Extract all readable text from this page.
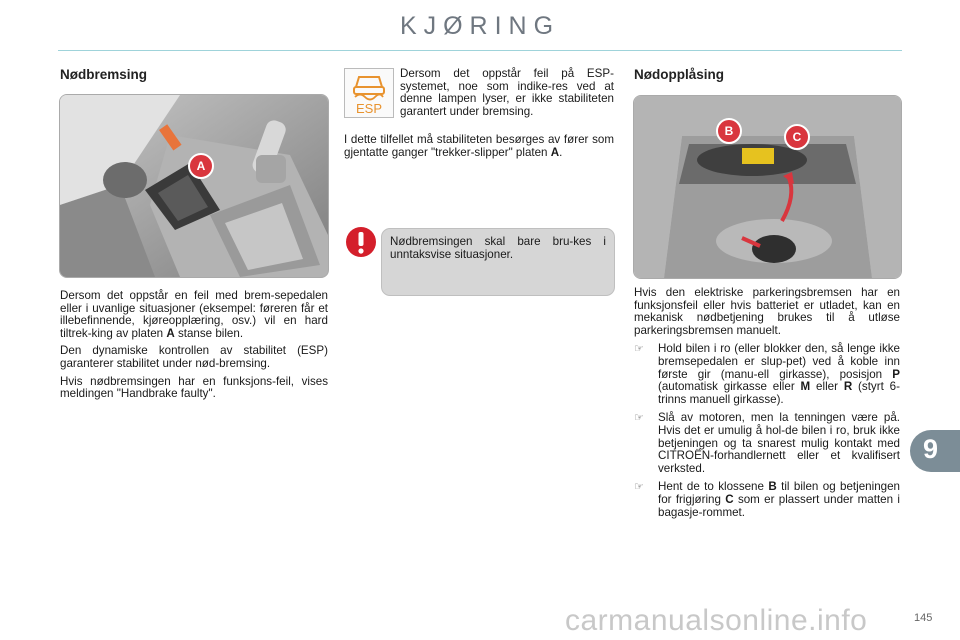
KJØRING
Nødbremsing
A

Dersom det oppstår en feil med brem-sepedalen eller i uvanlige situasjoner (eksempel: føreren får et illebefinnende, kjøreopplæring, osv.) vil en hard tiltrek-king av platen A stanse bilen.

Den dynamiske kontrollen av stabilitet (ESP) garanterer stabilitet under nød-bremsing.

Hvis nødbremsingen har en funksjons-feil, vises meldingen "Handbrake faulty".

ESP
Dersom det oppstår feil på ESP-systemet, noe som indike-res ved at denne lampen lyser, er ikke stabiliteten garantert under bremsing.

I dette tilfellet må stabiliteten besørges av fører som gjentatte ganger "trekker-slipper" platen A.

Nødbremsingen skal bare bru-kes i unntaksvise situasjoner.
Nødopplåsing
B	C

Hvis den elektriske parkeringsbremsen har en funksjonsfeil eller hvis batteriet er utladet, kan en mekanisk nødbetjening brukes til å utløse parkeringsbremsen manuelt.

☞ Hold bilen i ro (eller blokker den, så lenge ikke bremsepedalen er slup-pet) ved å koble inn første gir (manu-ell girkasse), posisjon P (automatisk girkasse eller M eller R (styrt 6-trinns manuell girkasse).
☞ Slå av motoren, men la tenningen være på. Hvis det er umulig å hol-de bilen i ro, bruk ikke betjeningen og ta snarest mulig kontakt med CITROËN-forhandlernett eller et kvalifisert verksted.
☞ Hent de to klossene B til bilen og betjeningen for frigjøring C som er plassert under matten i bagasje-rommet.
9
carmanualsonline.info	145
